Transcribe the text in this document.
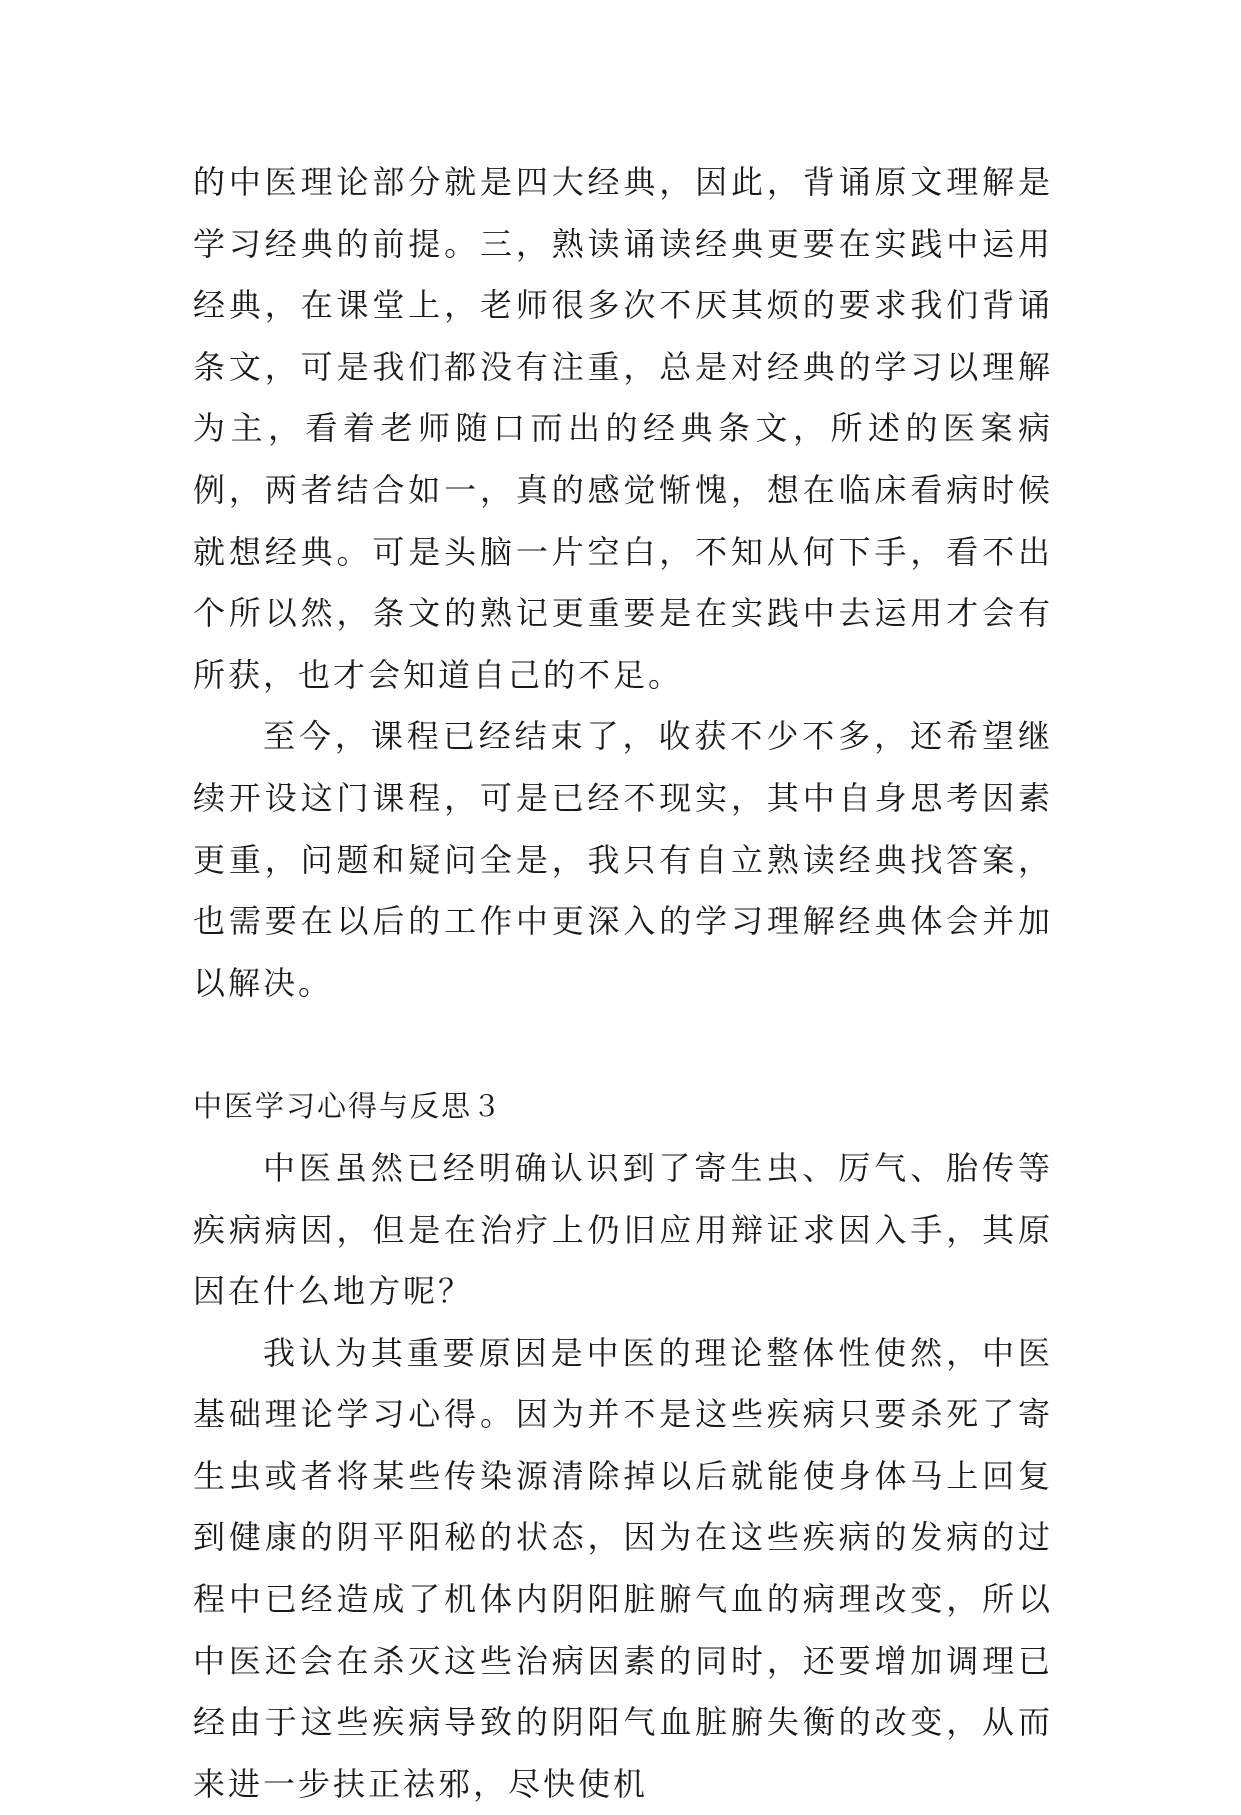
的中医理论部分就是四大经典，因此，背诵原文理解是学习经典的前提。三，熟读诵读经典更要在实践中运用经典，在课堂上，老师很多次不厌其烦的要求我们背诵条文，可是我们都没有注重，总是对经典的学习以理解为主，看着老师随口而出的经典条文，所述的医案病例，两者结合如一，真的感觉惭愧，想在临床看病时候就想经典。可是头脑一片空白，不知从何下手，看不出个所以然，条文的熟记更重要是在实践中去运用才会有所获，也才会知道自己的不足。

至今，课程已经结束了，收获不少不多，还希望继续开设这门课程，可是已经不现实，其中自身思考因素更重，问题和疑问全是，我只有自立熟读经典找答案，也需要在以后的工作中更深入的学习理解经典体会并加以解决。

中医学习心得与反思３

中医虽然已经明确认识到了寄生虫、厉气、胎传等疾病病因，但是在治疗上仍旧应用辩证求因入手，其原因在什么地方呢？

我认为其重要原因是中医的理论整体性使然，中医基础理论学习心得。因为并不是这些疾病只要杀死了寄生虫或者将某些传染源清除掉以后就能使身体马上回复到健康的阴平阳秘的状态，因为在这些疾病的发病的过程中已经造成了机体内阴阳脏腑气血的病理改变，所以中医还会在杀灭这些治病因素的同时，还要增加调理已经由于这些疾病导致的阴阳气血脏腑失衡的改变，从而来进一步扶正祛邪，尽快使机
